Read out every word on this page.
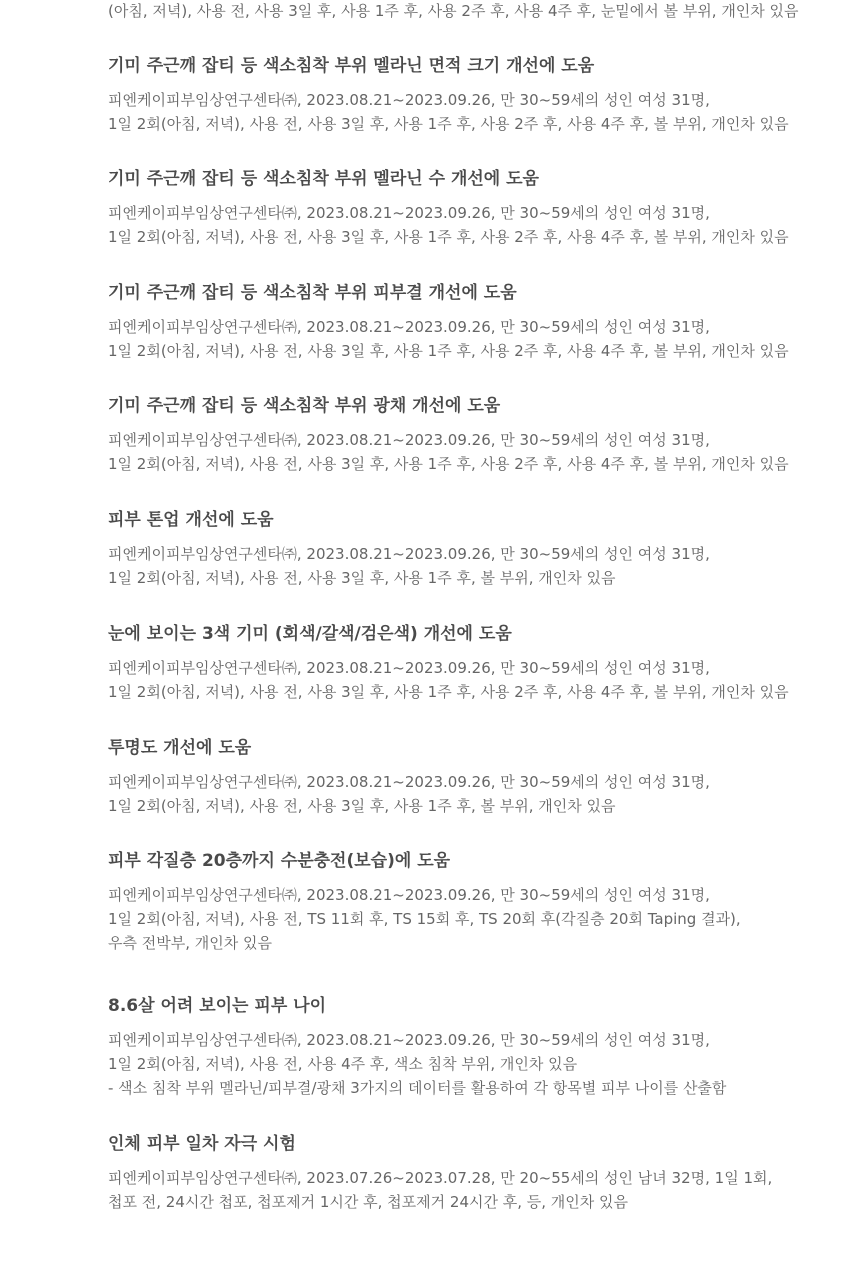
(아침, 저녁), 사용 전, 사용 3일 후, 사용 1주 후, 사용 2주 후, 사용 4주 후, 눈밑에서 볼 부위, 개인차 있음
기미 주근깨 잡티 등 색소침착 부위 멜라닌 면적 크기 개선에 도움
피엔케이피부임상연구센타㈜, 2023.08.21~2023.09.26, 만 30~59세의 성인 여성 31명,
1일 2회(아침, 저녁), 사용 전, 사용 3일 후, 사용 1주 후, 사용 2주 후, 사용 4주 후, 볼 부위, 개인차 있음
기미 주근깨 잡티 등 색소침착 부위 멜라닌 수 개선에 도움
피엔케이피부임상연구센타㈜, 2023.08.21~2023.09.26, 만 30~59세의 성인 여성 31명,
1일 2회(아침, 저녁), 사용 전, 사용 3일 후, 사용 1주 후, 사용 2주 후, 사용 4주 후, 볼 부위, 개인차 있음
기미 주근깨 잡티 등 색소침착 부위 피부결 개선에 도움
피엔케이피부임상연구센타㈜, 2023.08.21~2023.09.26, 만 30~59세의 성인 여성 31명,
1일 2회(아침, 저녁), 사용 전, 사용 3일 후, 사용 1주 후, 사용 2주 후, 사용 4주 후, 볼 부위, 개인차 있음
기미 주근깨 잡티 등 색소침착 부위 광채 개선에 도움
피엔케이피부임상연구센타㈜, 2023.08.21~2023.09.26, 만 30~59세의 성인 여성 31명,
1일 2회(아침, 저녁), 사용 전, 사용 3일 후, 사용 1주 후, 사용 2주 후, 사용 4주 후, 볼 부위, 개인차 있음
피부 톤업 개선에 도움
피엔케이피부임상연구센타㈜, 2023.08.21~2023.09.26, 만 30~59세의 성인 여성 31명,
1일 2회(아침, 저녁), 사용 전, 사용 3일 후, 사용 1주 후, 볼 부위, 개인차 있음
눈에 보이는 3색 기미 (회색/갈색/검은색) 개선에 도움
피엔케이피부임상연구센타㈜, 2023.08.21~2023.09.26, 만 30~59세의 성인 여성 31명,
1일 2회(아침, 저녁), 사용 전, 사용 3일 후, 사용 1주 후, 사용 2주 후, 사용 4주 후, 볼 부위, 개인차 있음
투명도 개선에 도움
피엔케이피부임상연구센타㈜, 2023.08.21~2023.09.26, 만 30~59세의 성인 여성 31명,
1일 2회(아침, 저녁), 사용 전, 사용 3일 후, 사용 1주 후, 볼 부위, 개인차 있음
피부 각질층 20층까지 수분충전(보습)에 도움
피엔케이피부임상연구센타㈜, 2023.08.21~2023.09.26, 만 30~59세의 성인 여성 31명,
1일 2회(아침, 저녁), 사용 전, TS 11회 후, TS 15회 후, TS 20회 후(각질층 20회 Taping 결과),
우측 전박부, 개인차 있음
8.6살 어려 보이는 피부 나이
피엔케이피부임상연구센타㈜, 2023.08.21~2023.09.26, 만 30~59세의 성인 여성 31명,
1일 2회(아침, 저녁), 사용 전, 사용 4주 후, 색소 침착 부위, 개인차 있음
- 색소 침착 부위 멜라닌/피부결/광채 3가지의 데이터를 활용하여 각 항목별 피부 나이를 산출함
인체 피부 일차 자극 시험
피엔케이피부임상연구센타㈜, 2023.07.26~2023.07.28, 만 20~55세의 성인 남녀 32명, 1일 1회,
첩포 전, 24시간 첩포, 첩포제거 1시간 후, 첩포제거 24시간 후, 등, 개인차 있음
